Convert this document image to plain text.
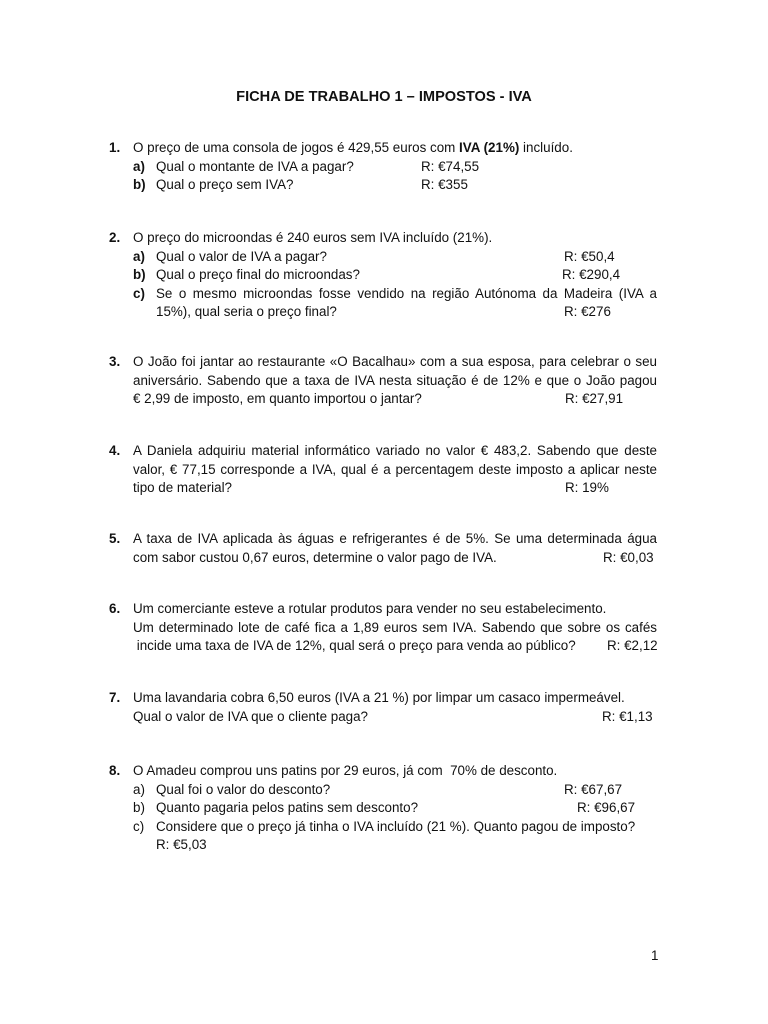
FICHA DE TRABALHO 1 – IMPOSTOS - IVA
1. O preço de uma consola de jogos é 429,55 euros com IVA (21%) incluído.
a) Qual o montante de IVA a pagar?	R: €74,55
b) Qual o preço sem IVA?	R: €355
2. O preço do microondas é 240 euros sem IVA incluído (21%).
a) Qual o valor de IVA a pagar?	R: €50,4
b) Qual o preço final do microondas?	R: €290,4
c) Se o mesmo microondas fosse vendido na região Autónoma da Madeira (IVA a
15%), qual seria o preço final?	R: €276
3. O João foi jantar ao restaurante «O Bacalhau» com a sua esposa, para celebrar o seu
aniversário. Sabendo que a taxa de IVA nesta situação é de 12% e que o João pagou
€ 2,99 de imposto, em quanto importou o jantar?	R: €27,91
4. A Daniela adquiriu material informático variado no valor € 483,2. Sabendo que deste
valor, € 77,15 corresponde a IVA, qual é a percentagem deste imposto a aplicar neste
tipo de material?	R: 19%
5. A taxa de IVA aplicada às águas e refrigerantes é de 5%. Se uma determinada água
com sabor custou 0,67 euros, determine o valor pago de IVA.	R: €0,03
6. Um comerciante esteve a rotular produtos para vender no seu estabelecimento.
Um determinado lote de café fica a 1,89 euros sem IVA. Sabendo que sobre os cafés
incide uma taxa de IVA de 12%, qual será o preço para venda ao público? R: €2,12
7. Uma lavandaria cobra 6,50 euros (IVA a 21 %) por limpar um casaco impermeável.
Qual o valor de IVA que o cliente paga?	R: €1,13
8. O Amadeu comprou uns patins por 29 euros, já com  70% de desconto.
a) Qual foi o valor do desconto?	R: €67,67
b) Quanto pagaria pelos patins sem desconto?	R: €96,67
c) Considere que o preço já tinha o IVA incluído (21 %). Quanto pagou de imposto?
R: €5,03
1
